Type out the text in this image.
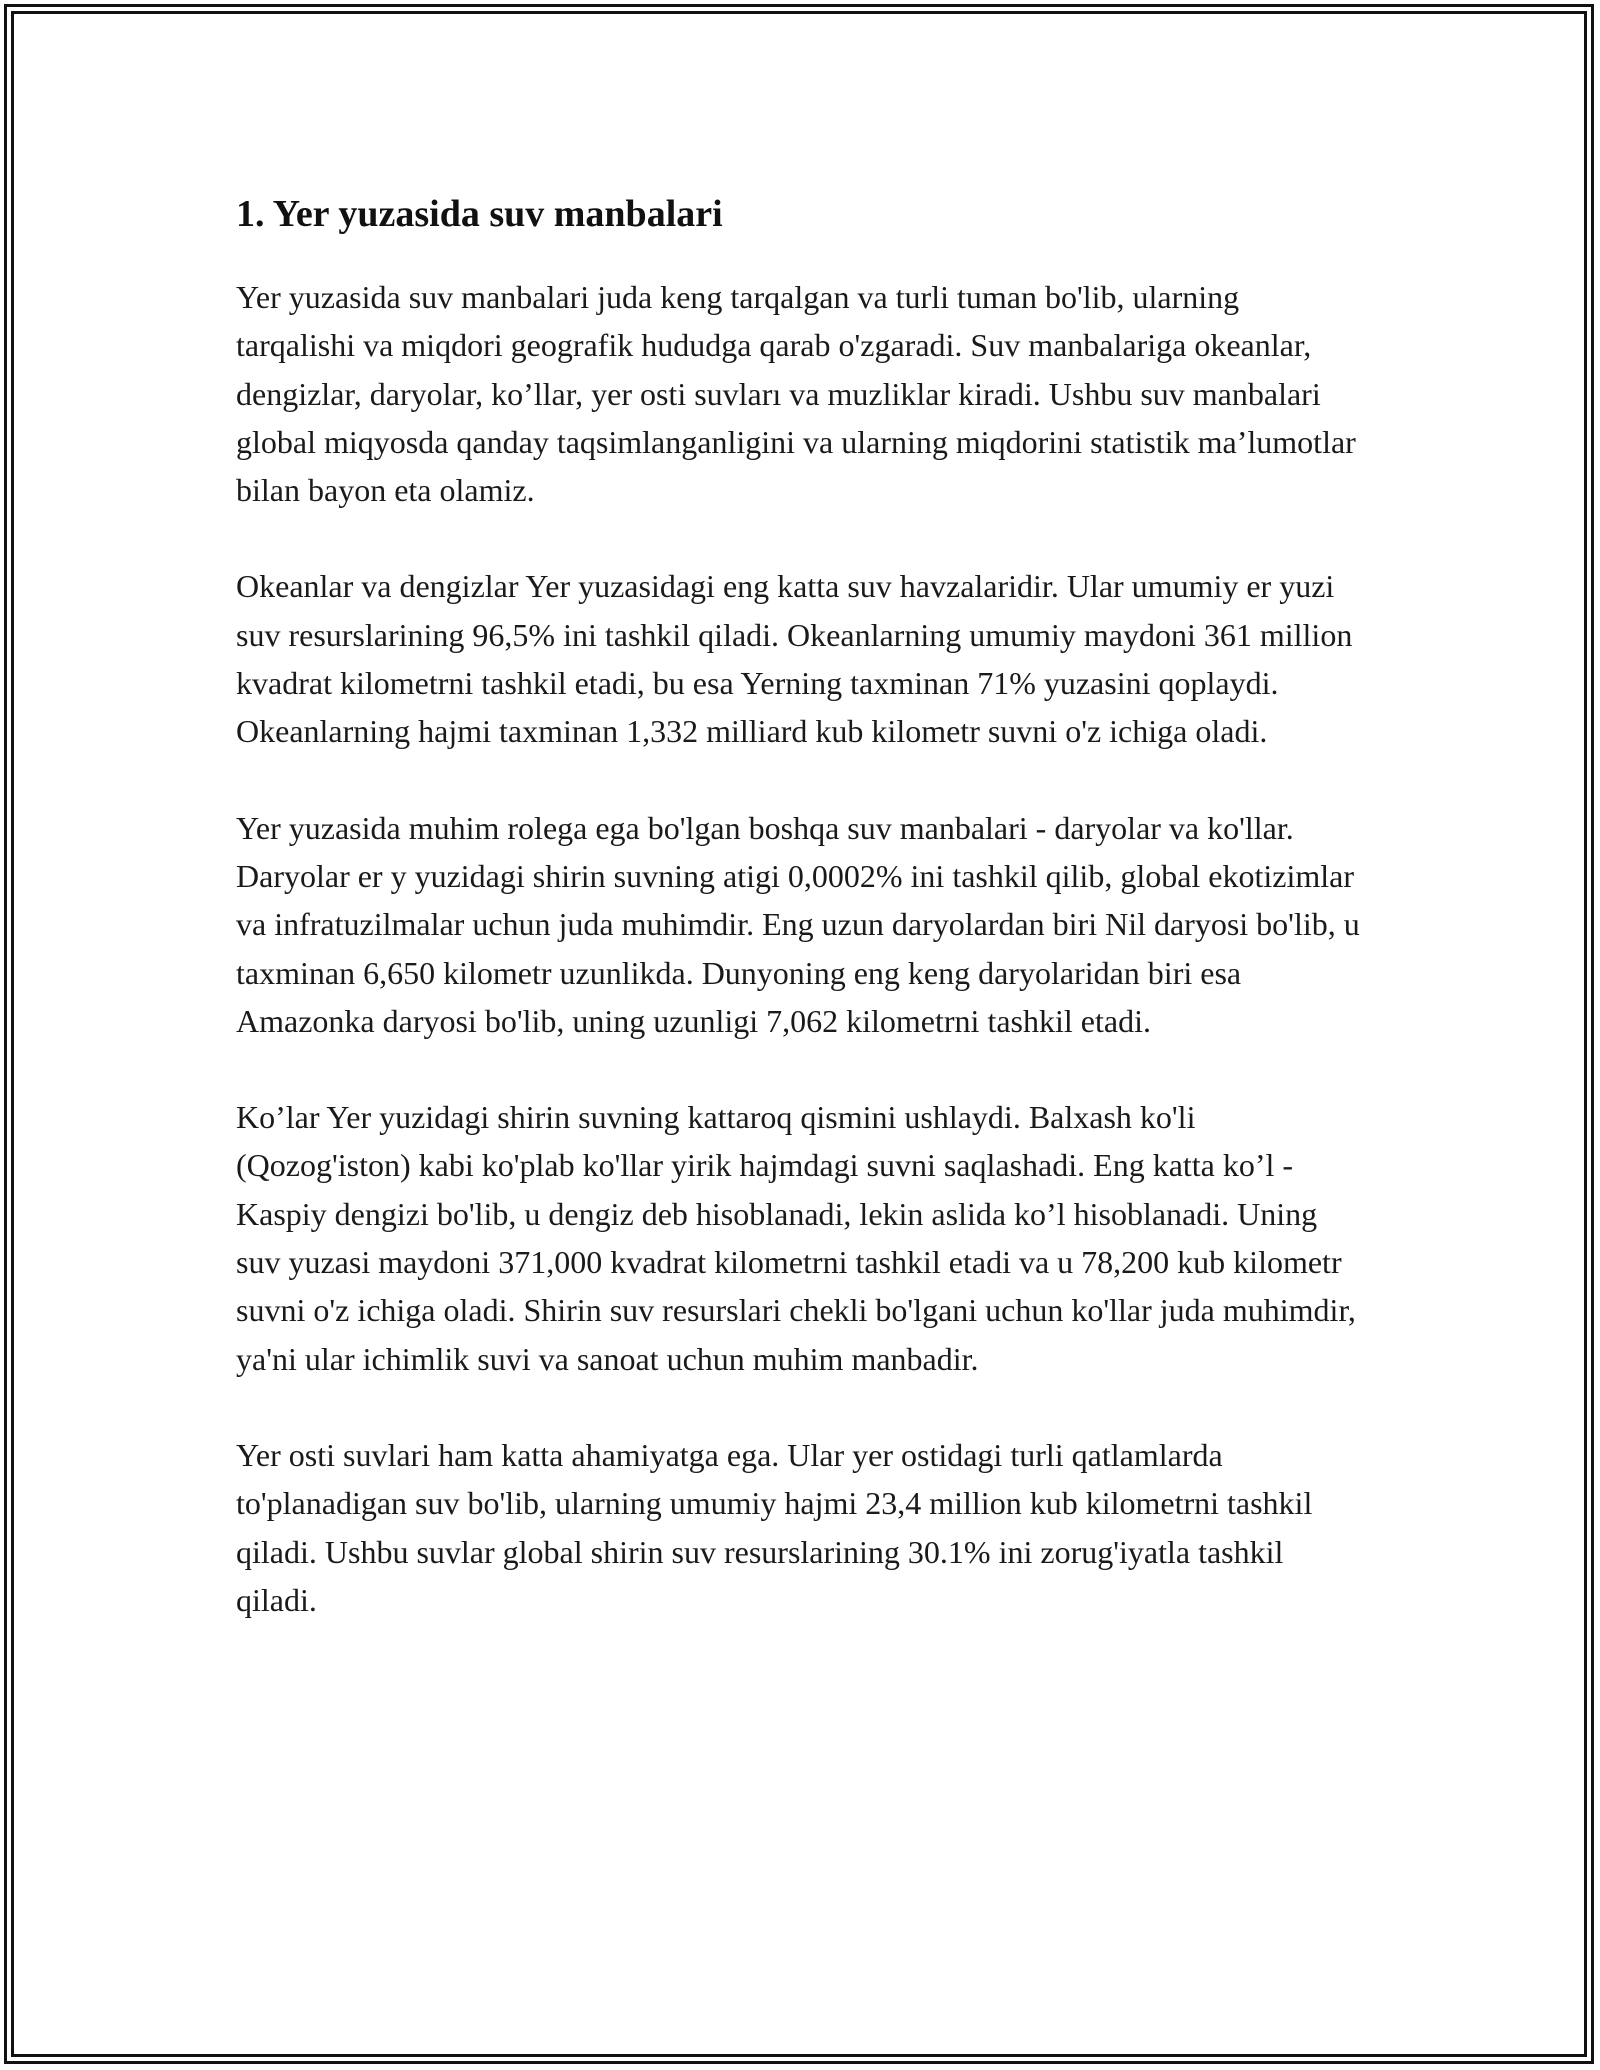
1. Yer yuzasida suv manbalari

Yer yuzasida suv manbalari juda keng tarqalgan va turli tuman bo'lib, ularning tarqalishi va miqdori geografik hududga qarab o'zgaradi. Suv manbalariga okeanlar, dengizlar, daryolar, ko’llar, yer osti suvları va muzliklar kiradi. Ushbu suv manbalari global miqyosda qanday taqsimlanganligini va ularning miqdorini statistik ma’lumotlar bilan bayon eta olamiz.

Okeanlar va dengizlar Yer yuzasidagi eng katta suv havzalaridir. Ular umumiy er yuzi suv resurslarining 96,5% ini tashkil qiladi. Okeanlarning umumiy maydoni 361 million kvadrat kilometrni tashkil etadi, bu esa Yerning taxminan 71% yuzasini qoplaydi. Okeanlarning hajmi taxminan 1,332 milliard kub kilometr suvni o'z ichiga oladi.

Yer yuzasida muhim rolega ega bo'lgan boshqa suv manbalari - daryolar va ko'llar. Daryolar er y yuzidagi shirin suvning atigi 0,0002% ini tashkil qilib, global ekotizimlar va infratuzilmalar uchun juda muhimdir. Eng uzun daryolardan biri Nil daryosi bo'lib, u taxminan 6,650 kilometr uzunlikda. Dunyoning eng keng daryolaridan biri esa Amazonka daryosi bo'lib, uning uzunligi 7,062 kilometrni tashkil etadi.

Ko’lar Yer yuzidagi shirin suvning kattaroq qismini ushlaydi. Balxash ko'li (Qozog'iston) kabi ko'plab ko'llar yirik hajmdagi suvni saqlashadi. Eng katta ko’l - Kaspiy dengizi bo'lib, u dengiz deb hisoblanadi, lekin aslida ko’l hisoblanadi. Uning suv yuzasi maydoni 371,000 kvadrat kilometrni tashkil etadi va u 78,200 kub kilometr suvni o'z ichiga oladi. Shirin suv resurslari chekli bo'lgani uchun ko'llar juda muhimdir, ya'ni ular ichimlik suvi va sanoat uchun muhim manbadir.

Yer osti suvlari ham katta ahamiyatga ega. Ular yer ostidagi turli qatlamlarda to'planadigan suv bo'lib, ularning umumiy hajmi 23,4 million kub kilometrni tashkil qiladi. Ushbu suvlar global shirin suv resurslarining 30.1% ini zorug'iyatla tashkil qiladi.
